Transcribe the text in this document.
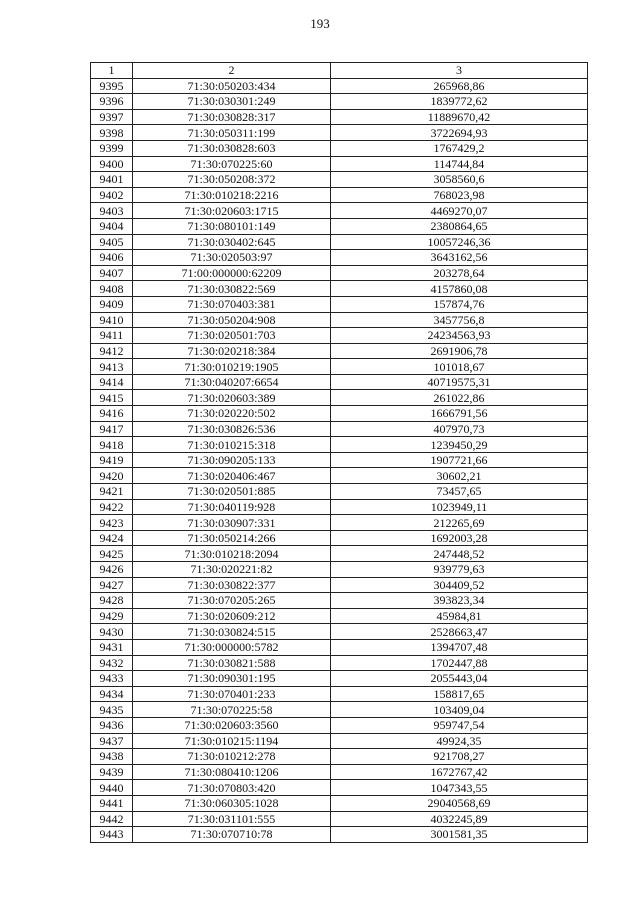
193
1	2	3
9395	71:30:050203:434	265968,86
9396	71:30:030301:249	1839772,62
9397	71:30:030828:317	11889670,42
9398	71:30:050311:199	3722694,93
9399	71:30:030828:603	1767429,2
9400	71:30:070225:60	114744,84
9401	71:30:050208:372	3058560,6
9402	71:30:010218:2216	768023,98
9403	71:30:020603:1715	4469270,07
9404	71:30:080101:149	2380864,65
9405	71:30:030402:645	10057246,36
9406	71:30:020503:97	3643162,56
9407	71:00:000000:62209	203278,64
9408	71:30:030822:569	4157860,08
9409	71:30:070403:381	157874,76
9410	71:30:050204:908	3457756,8
9411	71:30:020501:703	24234563,93
9412	71:30:020218:384	2691906,78
9413	71:30:010219:1905	101018,67
9414	71:30:040207:6654	40719575,31
9415	71:30:020603:389	261022,86
9416	71:30:020220:502	1666791,56
9417	71:30:030826:536	407970,73
9418	71:30:010215:318	1239450,29
9419	71:30:090205:133	1907721,66
9420	71:30:020406:467	30602,21
9421	71:30:020501:885	73457,65
9422	71:30:040119:928	1023949,11
9423	71:30:030907:331	212265,69
9424	71:30:050214:266	1692003,28
9425	71:30:010218:2094	247448,52
9426	71:30:020221:82	939779,63
9427	71:30:030822:377	304409,52
9428	71:30:070205:265	393823,34
9429	71:30:020609:212	45984,81
9430	71:30:030824:515	2528663,47
9431	71:30:000000:5782	1394707,48
9432	71:30:030821:588	1702447,88
9433	71:30:090301:195	2055443,04
9434	71:30:070401:233	158817,65
9435	71:30:070225:58	103409,04
9436	71:30:020603:3560	959747,54
9437	71:30:010215:1194	49924,35
9438	71:30:010212:278	921708,27
9439	71:30:080410:1206	1672767,42
9440	71:30:070803:420	1047343,55
9441	71:30:060305:1028	29040568,69
9442	71:30:031101:555	4032245,89
9443	71:30:070710:78	3001581,35
